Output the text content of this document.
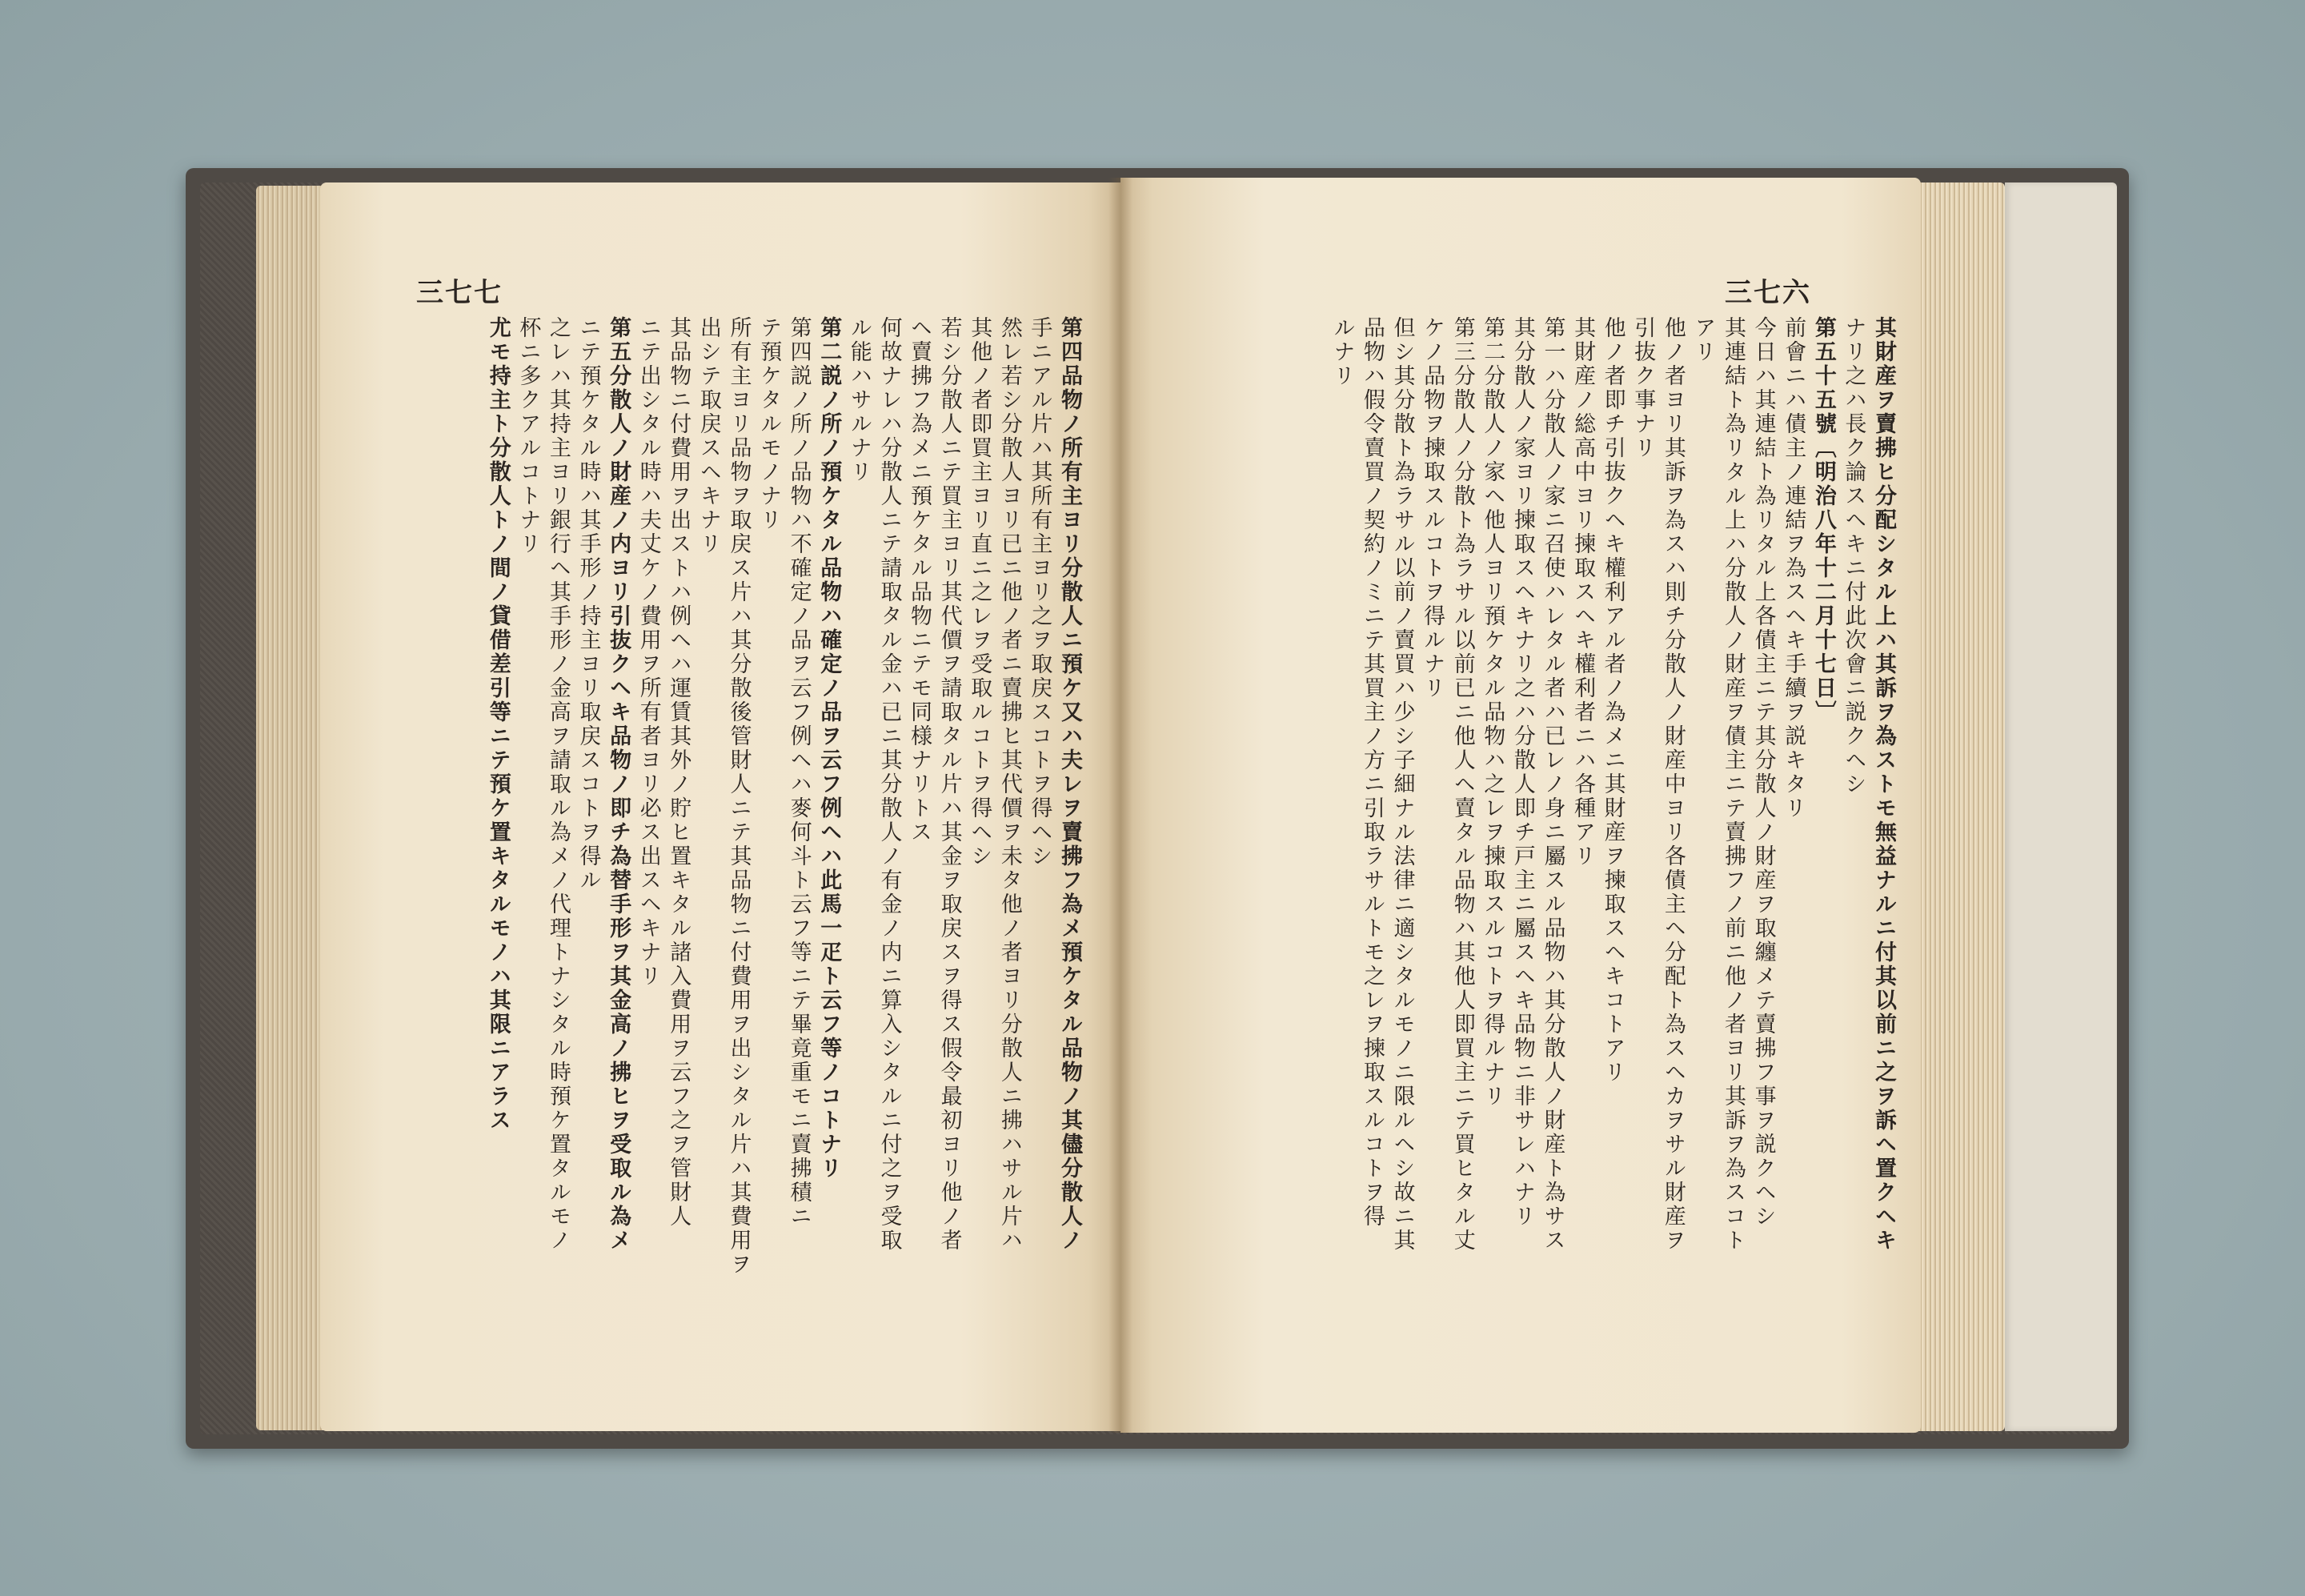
三七七	三七六
第四品物ノ所有主ヨリ分散人ニ預ケ又ハ夫レヲ賣拂フ為メ預ケタル品物ノ其儘分散人ノ
手ニアル片ハ其所有主ヨリ之ヲ取戻スコトヲ得ヘシ
然レ若シ分散人ヨリ已ニ他ノ者ニ賣拂ヒ其代價ヲ未タ他ノ者ヨリ分散人ニ拂ハサル片ハ
其他ノ者即買主ヨリ直ニ之レヲ受取ルコトヲ得ヘシ
若シ分散人ニテ買主ヨリ其代價ヲ請取タル片ハ其金ヲ取戻スヲ得ス假令最初ヨリ他ノ者
ヘ賣拂フ為メニ預ケタル品物ニテモ同様ナリトス
何故ナレハ分散人ニテ請取タル金ハ已ニ其分散人ノ有金ノ内ニ算入シタルニ付之ヲ受取
ル能ハサルナリ
第二説ノ所ノ預ケタル品物ハ確定ノ品ヲ云フ例ヘハ此馬一疋ト云フ等ノコトナリ
第四説ノ所ノ品物ハ不確定ノ品ヲ云フ例ヘハ麥何斗ト云フ等ニテ畢竟重モニ賣拂積ニ
テ預ケタルモノナリ
所有主ヨリ品物ヲ取戻ス片ハ其分散後管財人ニテ其品物ニ付費用ヲ出シタル片ハ其費用ヲ
出シテ取戻スヘキナリ
其品物ニ付費用ヲ出ストハ例ヘハ運賃其外ノ貯ヒ置キタル諸入費用ヲ云フ之ヲ管財人
ニテ出シタル時ハ夫丈ケノ費用ヲ所有者ヨリ必ス出スヘキナリ
第五分散人ノ財産ノ内ヨリ引抜クヘキ品物ノ即チ為替手形ヲ其金高ノ拂ヒヲ受取ル為メ
ニテ預ケタル時ハ其手形ノ持主ヨリ取戻スコトヲ得ル
之レハ其持主ヨリ銀行ヘ其手形ノ金高ヲ請取ル為メノ代理トナシタル時預ケ置タルモノ
杯ニ多クアルコトナリ
尤モ持主ト分散人トノ間ノ貸借差引等ニテ預ケ置キタルモノハ其限ニアラス	其財産ヲ賣拂ヒ分配シタル上ハ其訴ヲ為ストモ無益ナルニ付其以前ニ之ヲ訴ヘ置クヘキ
ナリ之ハ長ク論スヘキニ付此次會ニ説クヘシ
第五十五號〔明治八年十二月十七日〕
前會ニハ債主ノ連結ヲ為スヘキ手續ヲ説キタリ
今日ハ其連結ト為リタル上各債主ニテ其分散人ノ財産ヲ取纏メテ賣拂フ事ヲ説クヘシ
其連結ト為リタル上ハ分散人ノ財産ヲ債主ニテ賣拂フノ前ニ他ノ者ヨリ其訴ヲ為スコト
アリ
他ノ者ヨリ其訴ヲ為スハ則チ分散人ノ財産中ヨリ各債主ヘ分配ト為スヘカヲサル財産ヲ
引抜ク事ナリ
他ノ者即チ引抜クヘキ權利アル者ノ為メニ其財産ヲ揀取スヘキコトアリ
其財産ノ総高中ヨリ揀取スヘキ權利者ニハ各種アリ
第一ハ分散人ノ家ニ召使ハレタル者ハ已レノ身ニ屬スル品物ハ其分散人ノ財産ト為サス
其分散人ノ家ヨリ揀取スヘキナリ之ハ分散人即チ戸主ニ屬スヘキ品物ニ非サレハナリ
第二分散人ノ家ヘ他人ヨリ預ケタル品物ハ之レヲ揀取スルコトヲ得ルナリ
第三分散人ノ分散ト為ラサル以前已ニ他人ヘ賣タル品物ハ其他人即買主ニテ買ヒタル丈
ケノ品物ヲ揀取スルコトヲ得ルナリ
但シ其分散ト為ラサル以前ノ賣買ハ少シ子細ナル法律ニ適シタルモノニ限ルヘシ故ニ其
品物ハ假令賣買ノ契約ノミニテ其買主ノ方ニ引取ラサルトモ之レヲ揀取スルコトヲ得
ルナリ
